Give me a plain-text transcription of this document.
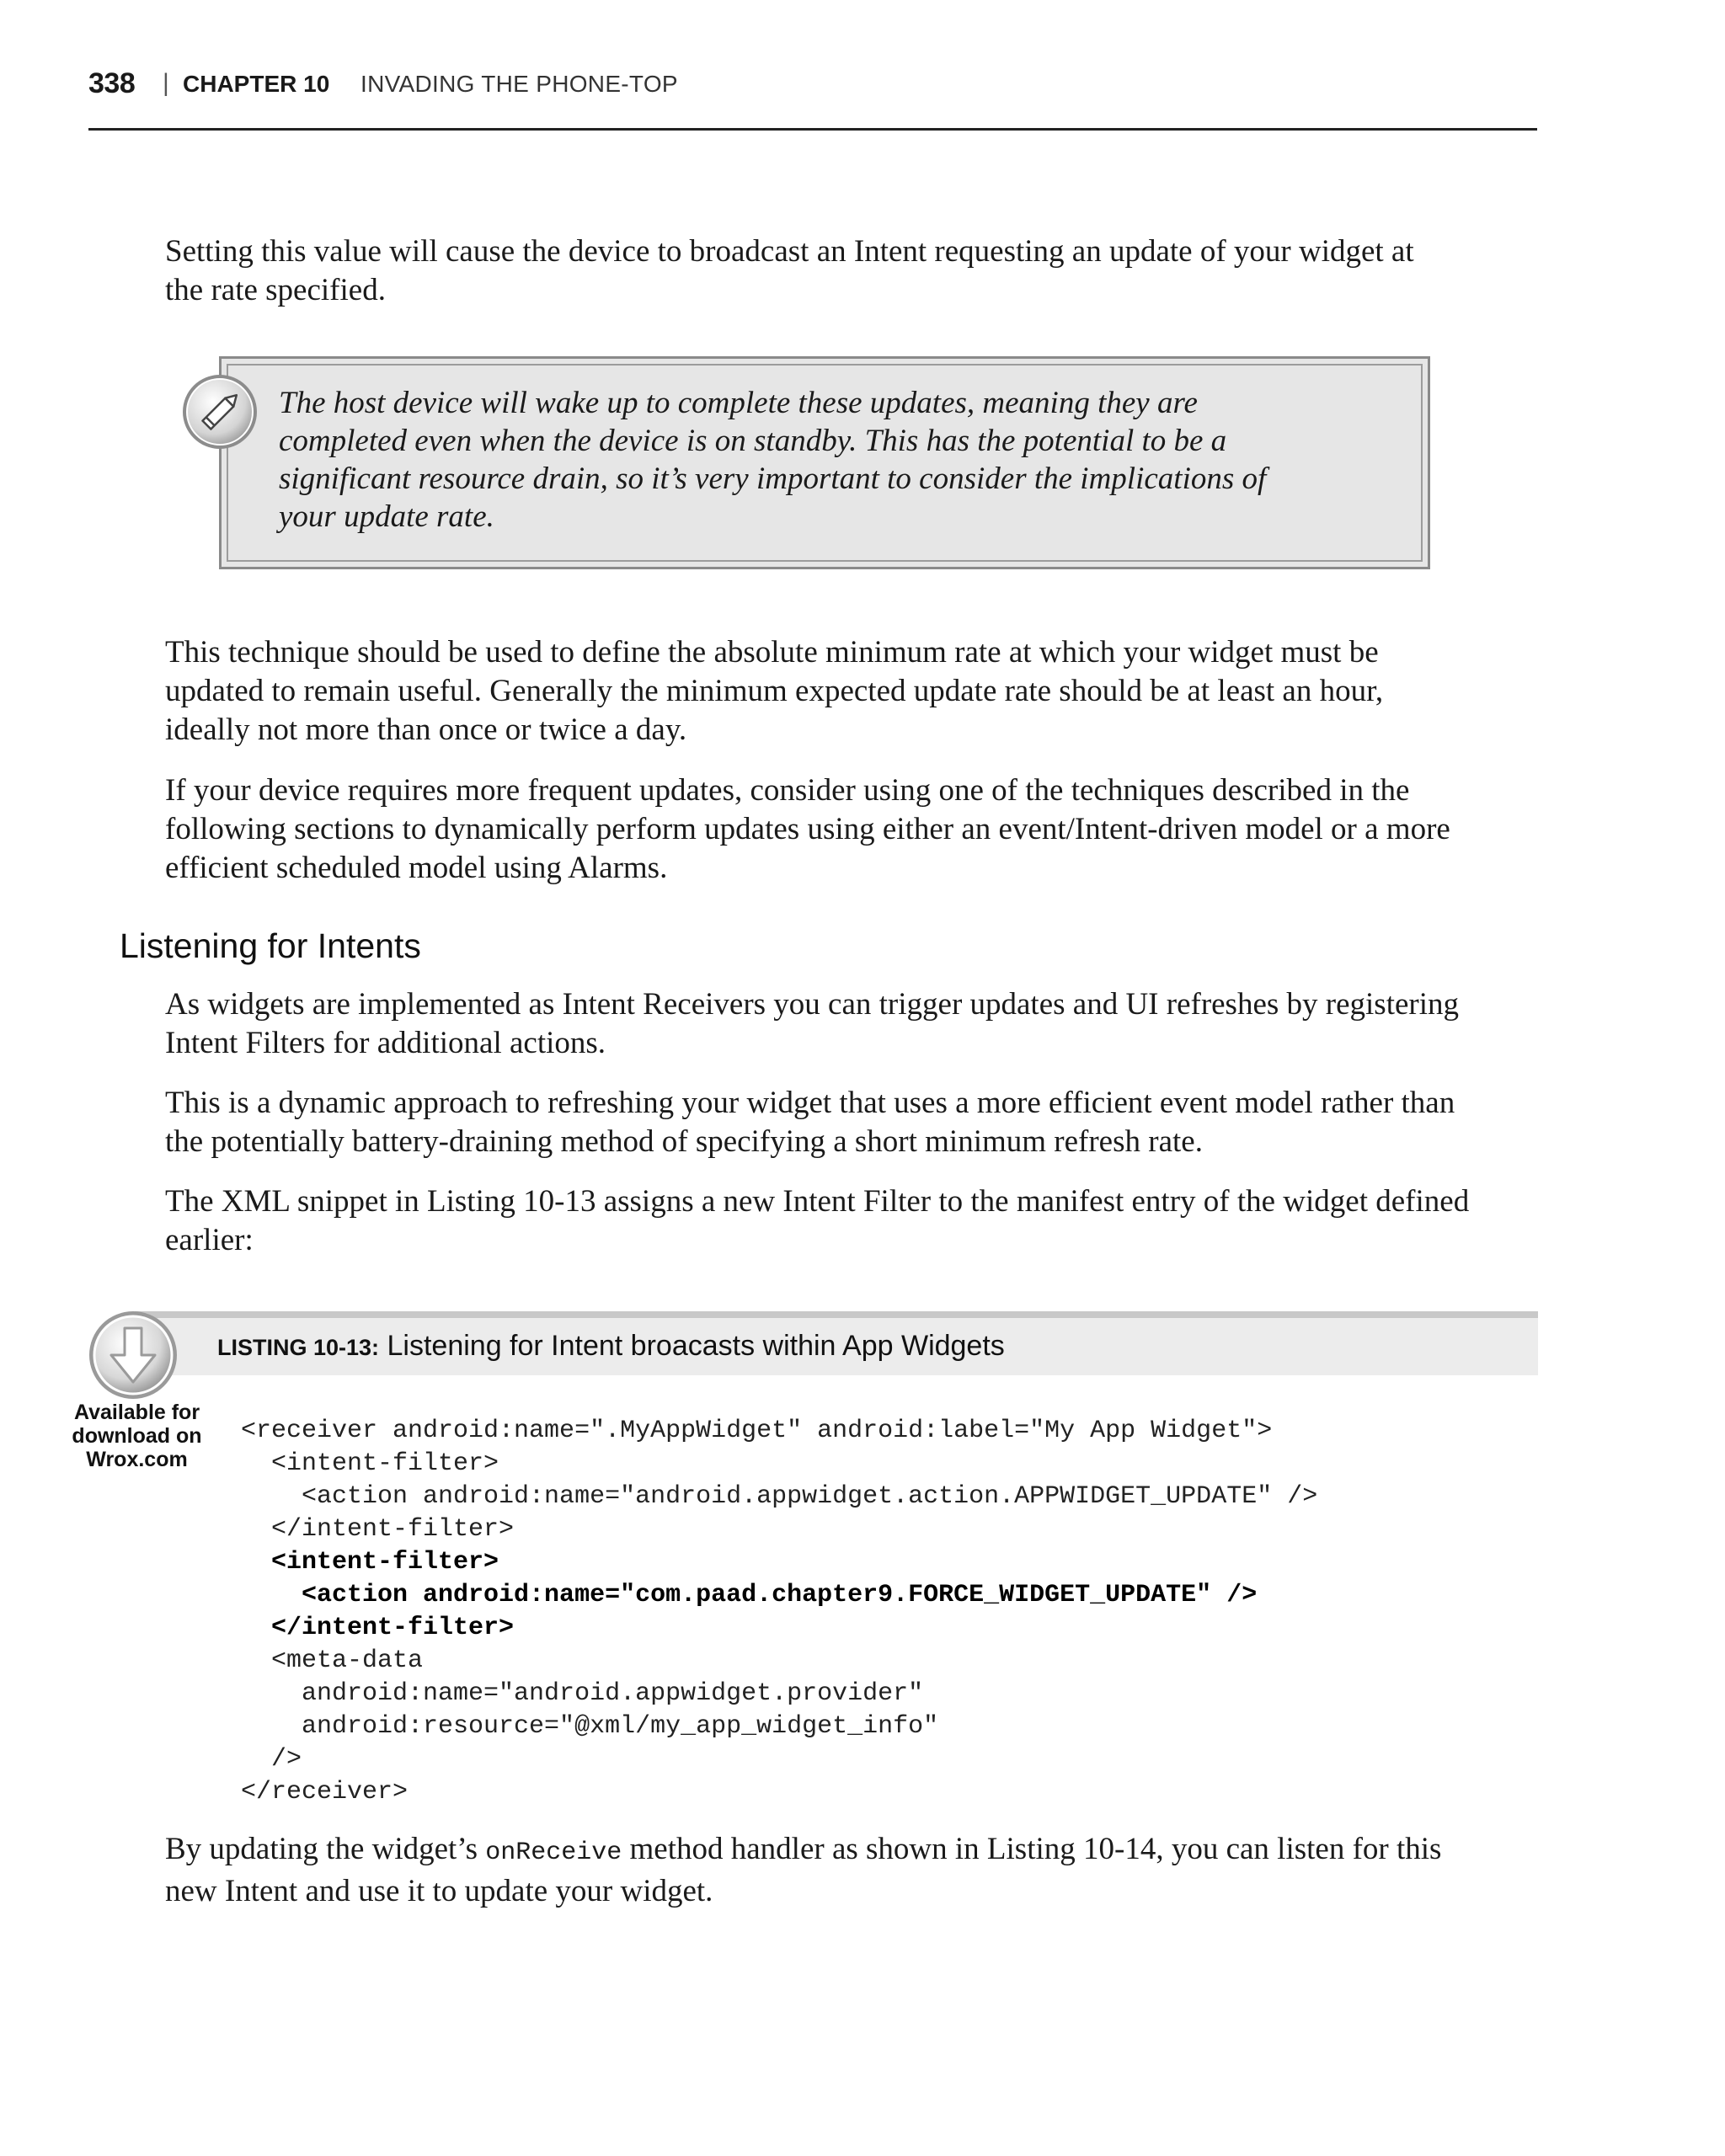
338 | CHAPTER 10 INVADING THE PHONE-TOP
Setting this value will cause the device to broadcast an Intent requesting an update of your widget at
the rate specified.
The host device will wake up to complete these updates, meaning they are
completed even when the device is on standby. This has the potential to be a
significant resource drain, so it’s very important to consider the implications of
your update rate.
This technique should be used to define the absolute minimum rate at which your widget must be
updated to remain useful. Generally the minimum expected update rate should be at least an hour,
ideally not more than once or twice a day.
If your device requires more frequent updates, consider using one of the techniques described in the
following sections to dynamically perform updates using either an event/Intent-driven model or a more
efficient scheduled model using Alarms.
Listening for Intents
As widgets are implemented as Intent Receivers you can trigger updates and UI refreshes by registering
Intent Filters for additional actions.
This is a dynamic approach to refreshing your widget that uses a more efficient event model rather than
the potentially battery-draining method of specifying a short minimum refresh rate.
The XML snippet in Listing 10-13 assigns a new Intent Filter to the manifest entry of the widget defined
earlier:
LISTING 10-13: Listening for Intent broacasts within App Widgets
Available for
download on
Wrox.com
<receiver android:name=".MyAppWidget" android:label="My App Widget">
<intent-filter>
<action android:name="android.appwidget.action.APPWIDGET_UPDATE" />
</intent-filter>
<intent-filter>
<action android:name="com.paad.chapter9.FORCE_WIDGET_UPDATE" />
</intent-filter>
<meta-data
android:name="android.appwidget.provider"
android:resource="@xml/my_app_widget_info"
/>
</receiver>
By updating the widget’s onReceive method handler as shown in Listing 10-14, you can listen for this
new Intent and use it to update your widget.
